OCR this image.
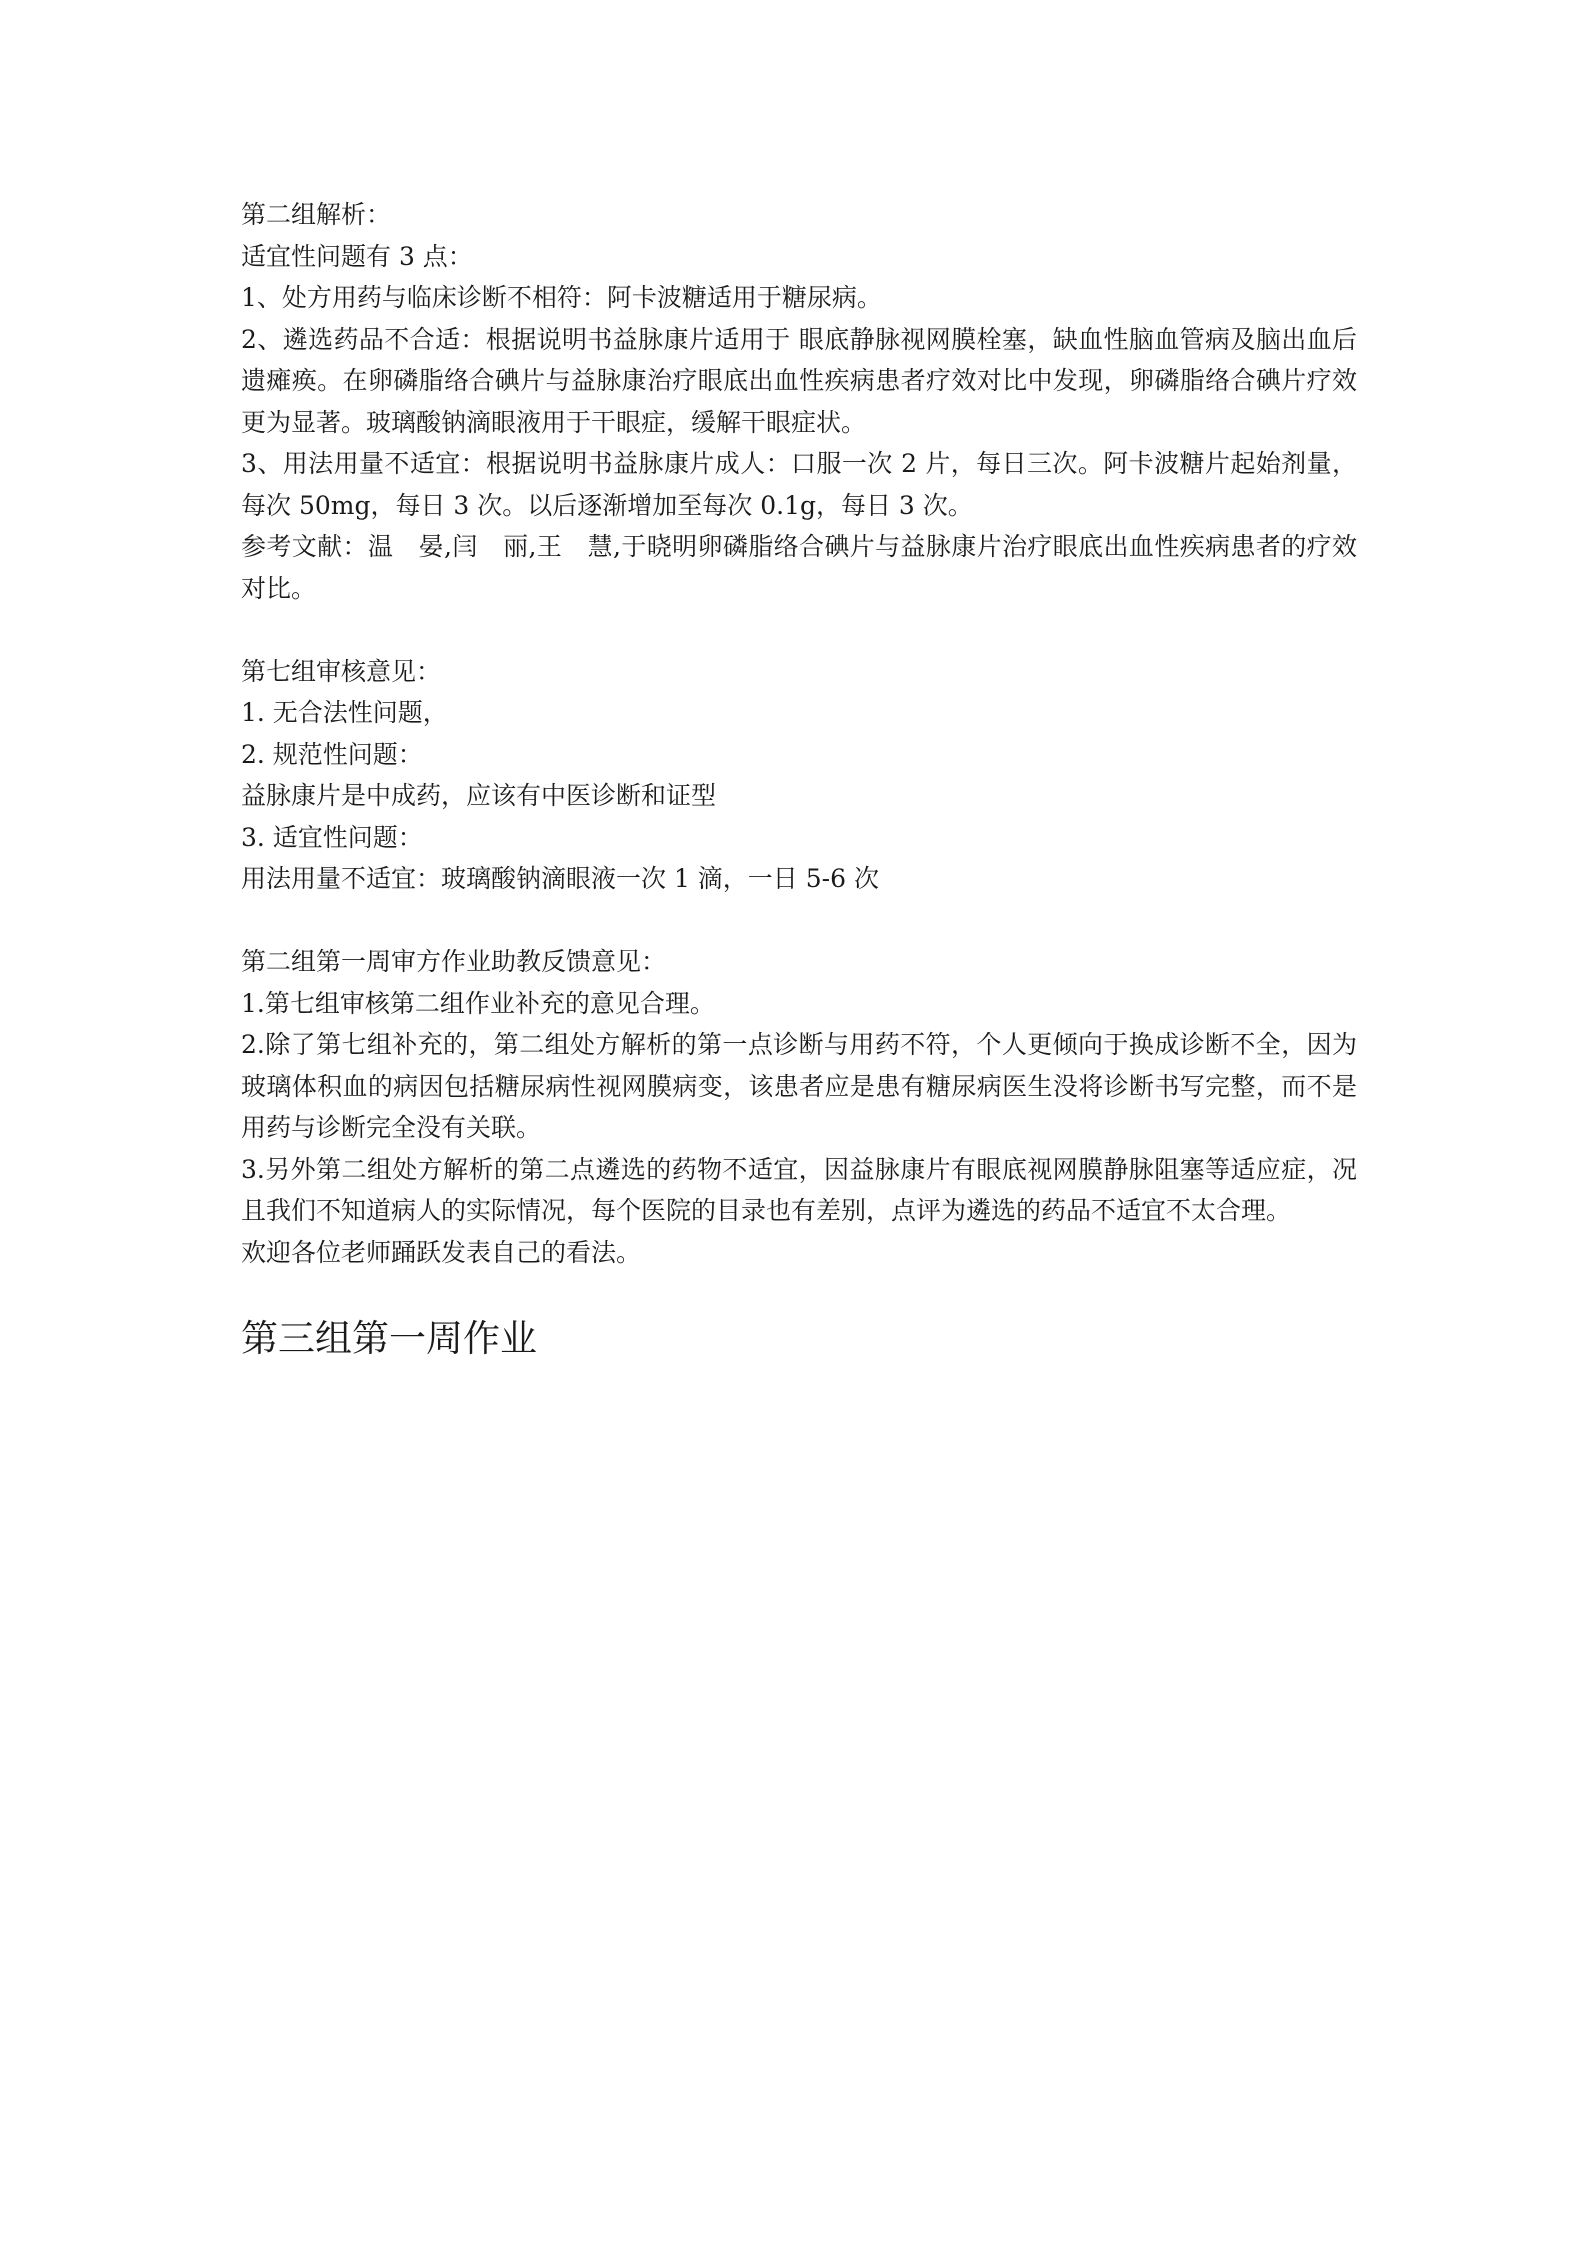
第二组解析：

适宜性问题有 3 点：

1、处方用药与临床诊断不相符：阿卡波糖适用于糖尿病。

2、遴选药品不合适：根据说明书益脉康片适用于 眼底静脉视网膜栓塞，缺血性脑血管病及脑出血后遗瘫痪。在卵磷脂络合碘片与益脉康治疗眼底出血性疾病患者疗效对比中发现，卵磷脂络合碘片疗效更为显著。玻璃酸钠滴眼液用于干眼症，缓解干眼症状。

3、用法用量不适宜：根据说明书益脉康片成人：口服一次 2 片，每日三次。阿卡波糖片起始剂量，每次 50mg，每日 3 次。以后逐渐增加至每次 0.1g，每日 3 次。

参考文献：温　晏,闫　丽,王　慧,于晓明卵磷脂络合碘片与益脉康片治疗眼底出血性疾病患者的疗效对比。

第七组审核意见：

1. 无合法性问题，

2. 规范性问题：

益脉康片是中成药，应该有中医诊断和证型

3. 适宜性问题：

用法用量不适宜：玻璃酸钠滴眼液一次 1 滴，一日 5-6 次

第二组第一周审方作业助教反馈意见：

1.第七组审核第二组作业补充的意见合理。

2.除了第七组补充的，第二组处方解析的第一点诊断与用药不符，个人更倾向于换成诊断不全，因为玻璃体积血的病因包括糖尿病性视网膜病变，该患者应是患有糖尿病医生没将诊断书写完整，而不是用药与诊断完全没有关联。

3.另外第二组处方解析的第二点遴选的药物不适宜，因益脉康片有眼底视网膜静脉阻塞等适应症，况且我们不知道病人的实际情况，每个医院的目录也有差别，点评为遴选的药品不适宜不太合理。

欢迎各位老师踊跃发表自己的看法。

第三组第一周作业
